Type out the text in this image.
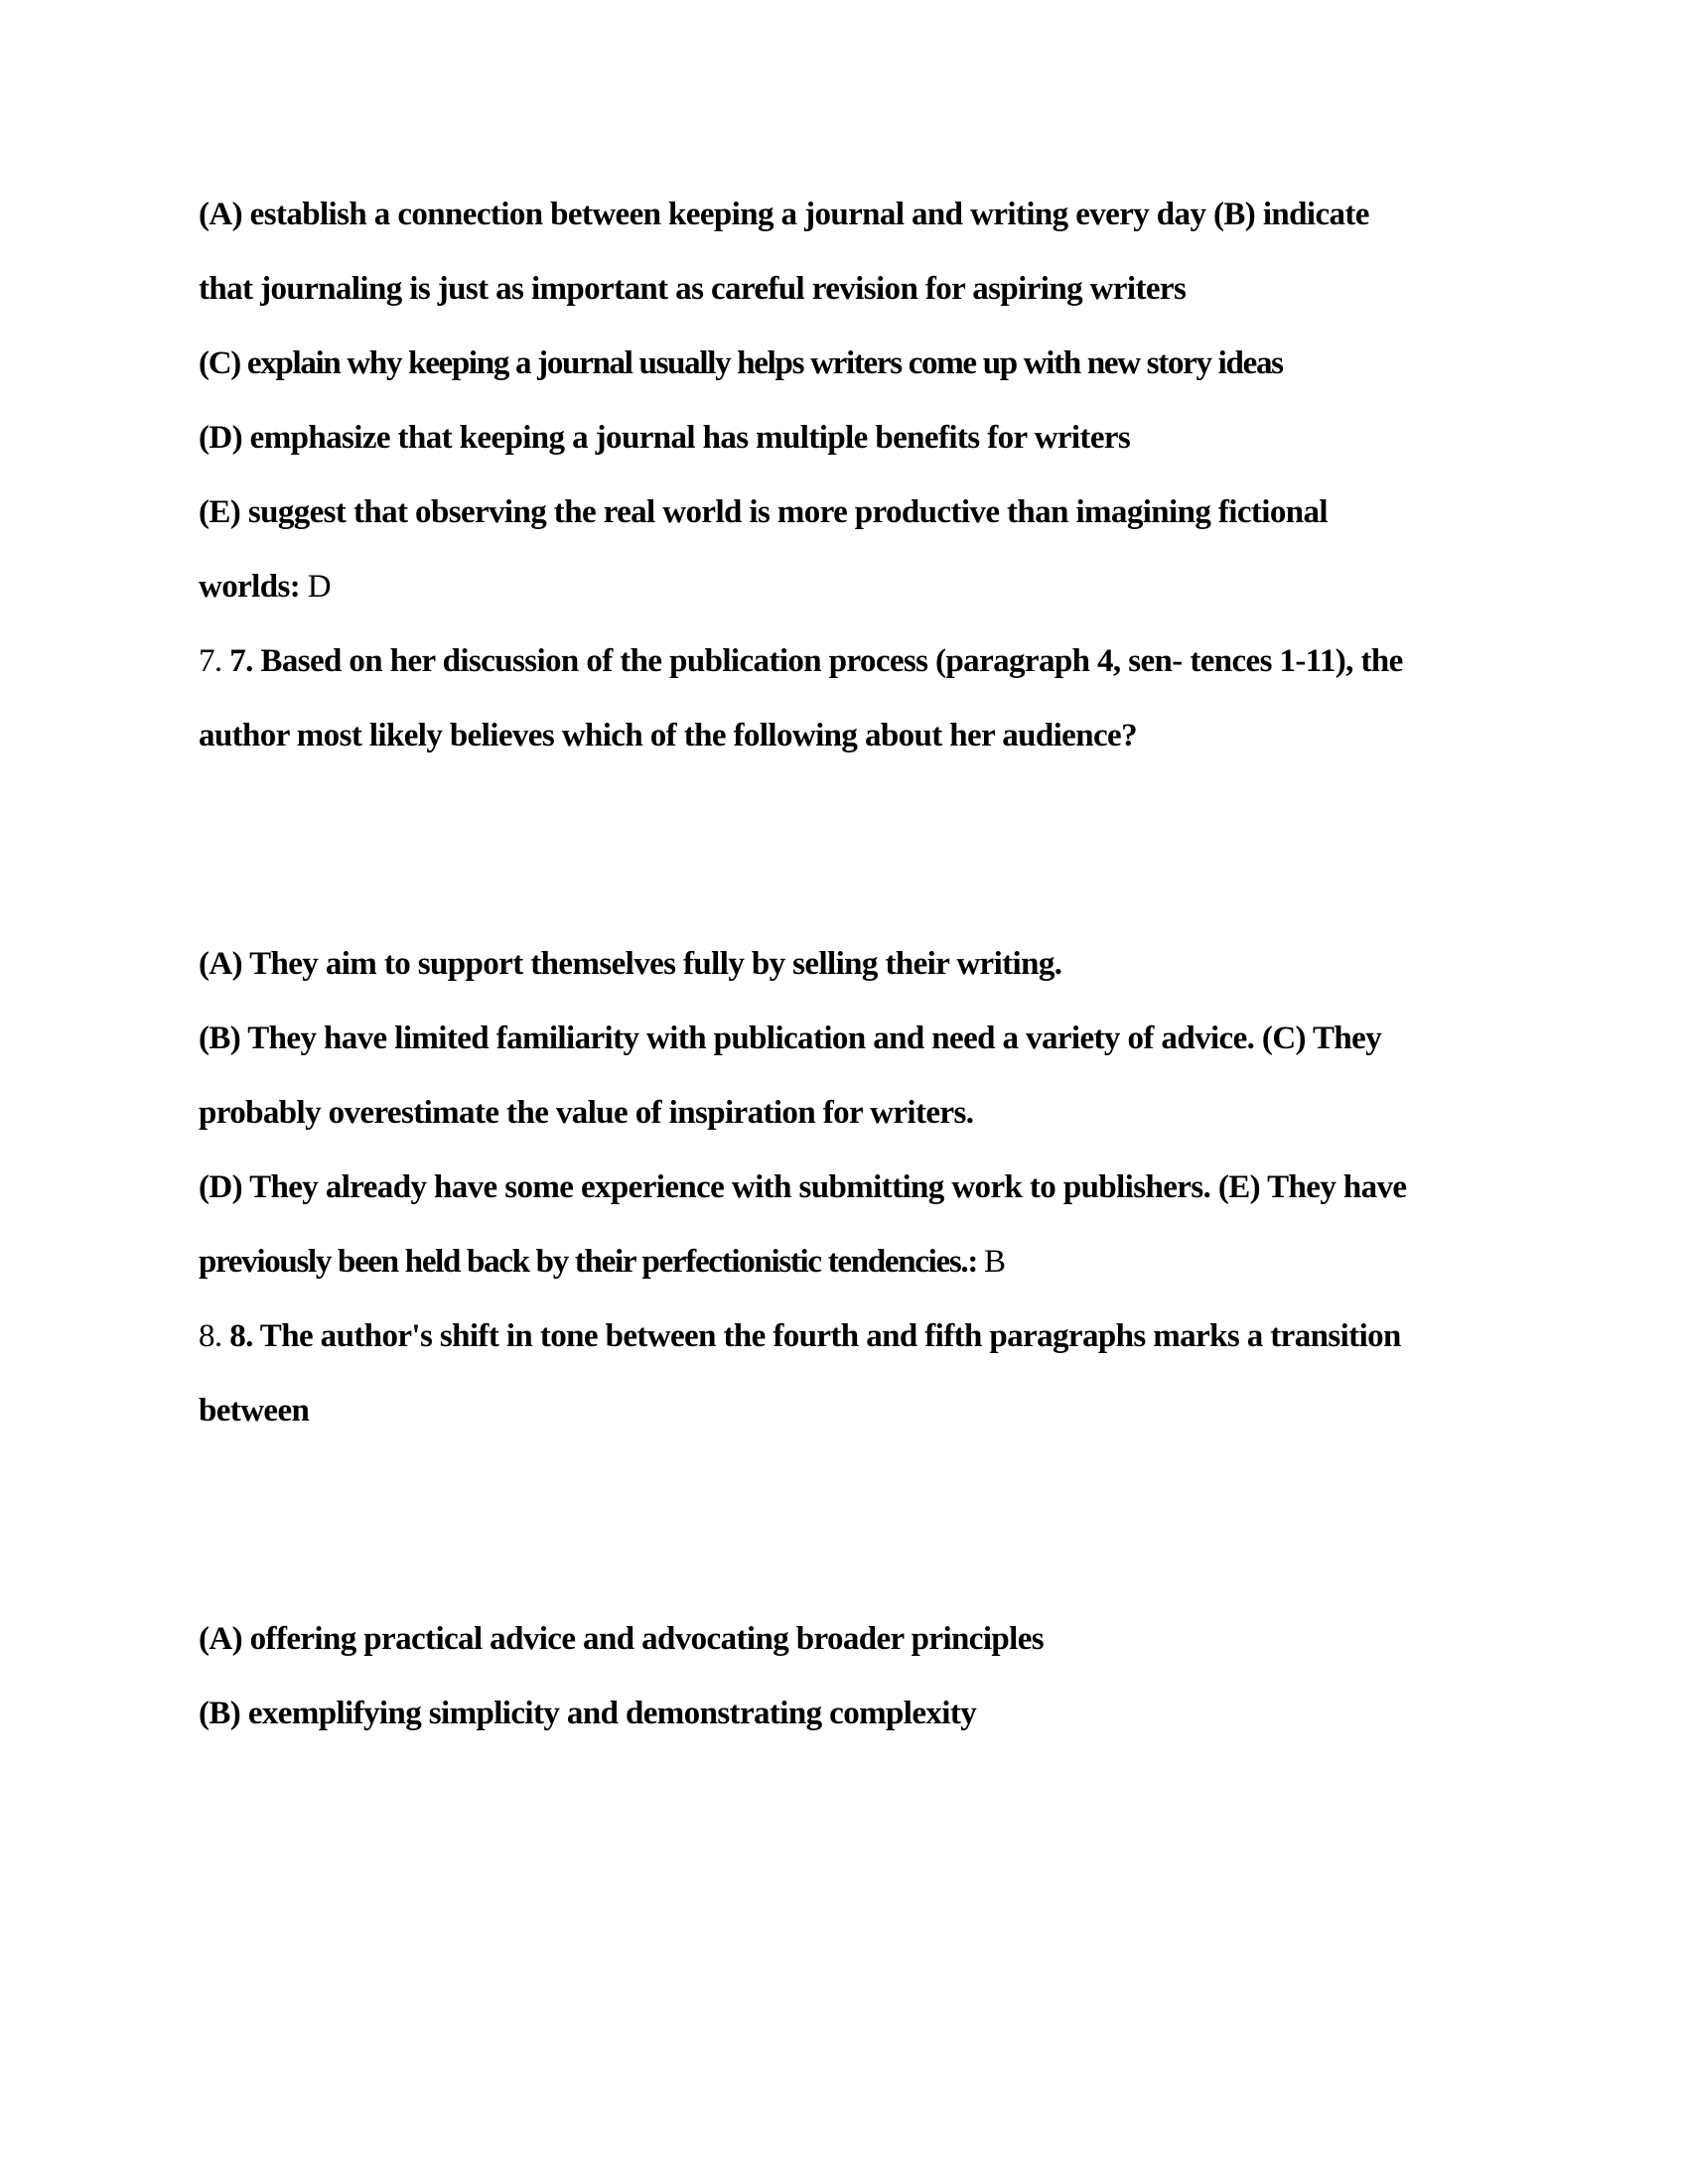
(A) establish a connection between keeping a journal and writing every day (B) indicate
that journaling is just as important as careful revision for aspiring writers
(C) explain why keeping a journal usually helps writers come up with new story ideas
(D) emphasize that keeping a journal has multiple benefits for writers
(E) suggest that observing the real world is more productive than imagining fictional
worlds: D
7. 7. Based on her discussion of the publication process (paragraph 4, sen- tences 1-11), the
author most likely believes which of the following about her audience?
(A) They aim to support themselves fully by selling their writing.
(B) They have limited familiarity with publication and need a variety of advice. (C) They
probably overestimate the value of inspiration for writers.
(D) They already have some experience with submitting work to publishers. (E) They have
previously been held back by their perfectionistic tendencies.: B
8. 8. The author's shift in tone between the fourth and fifth paragraphs marks a transition
between
(A) offering practical advice and advocating broader principles
(B) exemplifying simplicity and demonstrating complexity
